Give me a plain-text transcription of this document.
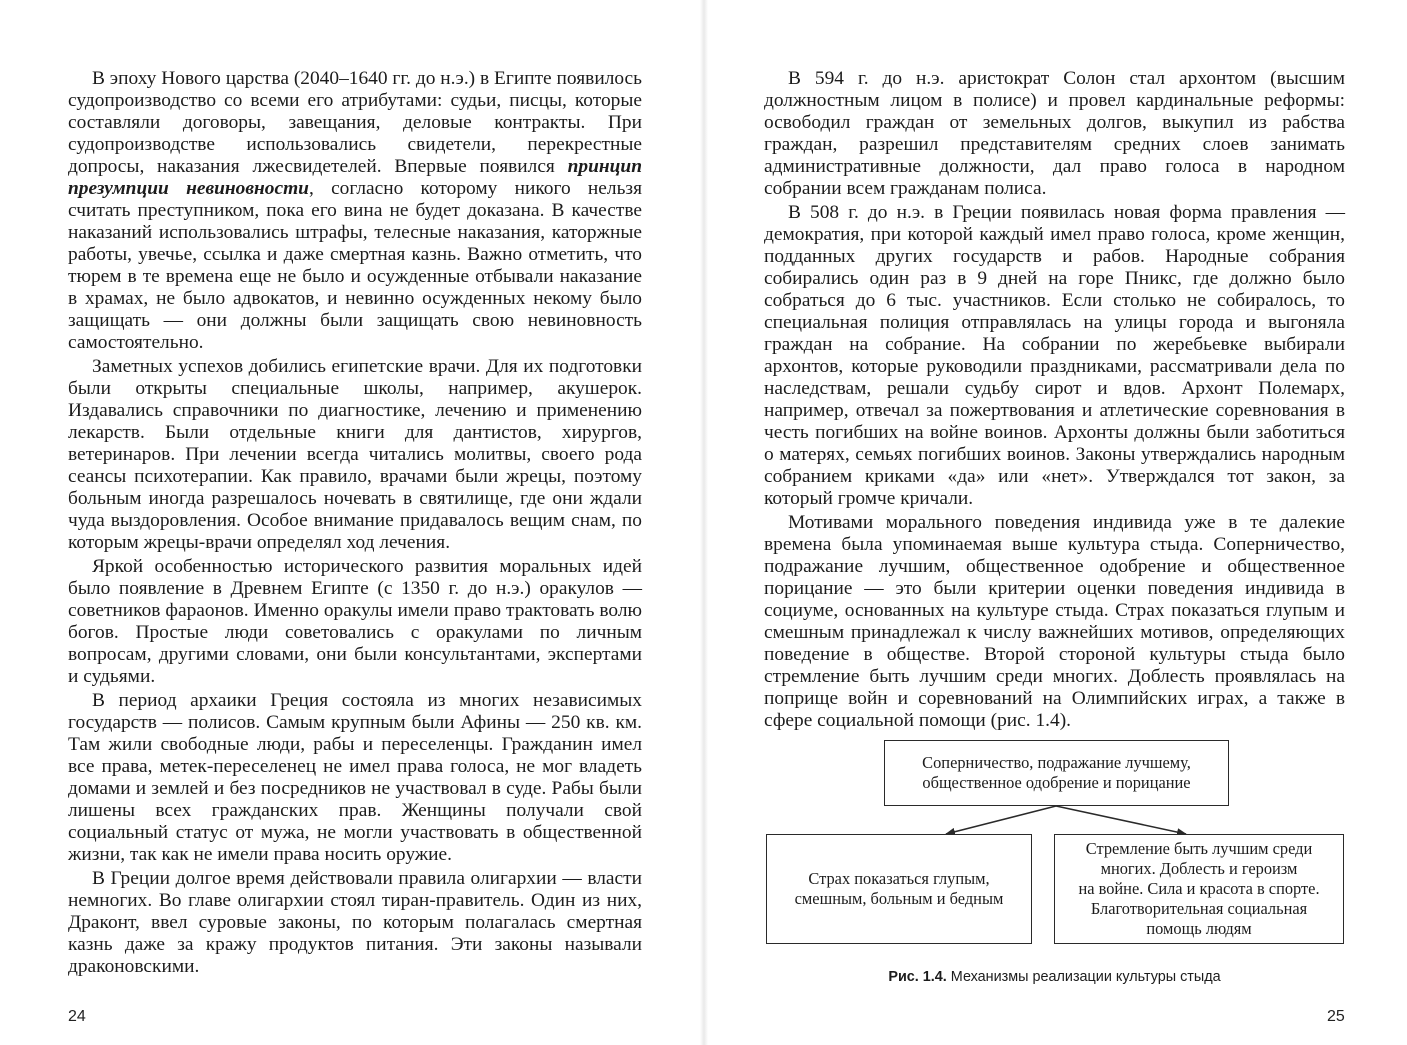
В эпоху Нового царства (2040–1640 гг. до н.э.) в Египте появилось судопроизводство со всеми его атрибутами: судьи, писцы, которые составляли договоры, завещания, деловые контракты. При судопроизводстве использовались свидетели, перекрестные допросы, наказания лжесвидетелей. Впервые появился принцип презумпции невиновности, согласно которому никого нельзя считать преступником, пока его вина не будет доказана. В качестве наказаний использовались штрафы, телесные наказания, каторжные работы, увечье, ссылка и даже смертная казнь. Важно отметить, что тюрем в те времена еще не было и осужденные отбывали наказание в храмах, не было адвокатов, и невинно осужденных некому было защищать — они должны были защищать свою невиновность самостоятельно.

Заметных успехов добились египетские врачи. Для их подготовки были открыты специальные школы, например, акушерок. Издавались справочники по диагностике, лечению и применению лекарств. Были отдельные книги для дантистов, хирургов, ветеринаров. При лечении всегда читались молитвы, своего рода сеансы психотерапии. Как правило, врачами были жрецы, поэтому больным иногда разрешалось ночевать в святилище, где они ждали чуда выздоровления. Особое внимание придавалось вещим снам, по которым жрецы-врачи определял ход лечения.

Яркой особенностью исторического развития моральных идей было появление в Древнем Египте (с 1350 г. до н.э.) оракулов — советников фараонов. Именно оракулы имели право трактовать волю богов. Простые люди советовались с оракулами по личным вопросам, другими словами, они были консультантами, экспертами и судьями.

В период архаики Греция состояла из многих независимых государств — полисов. Самым крупным были Афины — 250 кв. км. Там жили свободные люди, рабы и переселенцы. Гражданин имел все права, метек-переселенец не имел права голоса, не мог владеть домами и землей и без посредников не участвовал в суде. Рабы были лишены всех гражданских прав. Женщины получали свой социальный статус от мужа, не могли участвовать в общественной жизни, так как не имели права носить оружие.

В Греции долгое время действовали правила олигархии — власти немногих. Во главе олигархии стоял тиран-правитель. Один из них, Драконт, ввел суровые законы, по которым полагалась смертная казнь даже за кражу продуктов питания. Эти законы называли драконовскими.

24

В 594 г. до н.э. аристократ Солон стал архонтом (высшим должностным лицом в полисе) и провел кардинальные реформы: освободил граждан от земельных долгов, выкупил из рабства граждан, разрешил представителям средних слоев занимать административные должности, дал право голоса в народном собрании всем гражданам полиса.

В 508 г. до н.э. в Греции появилась новая форма правления — демократия, при которой каждый имел право голоса, кроме женщин, подданных других государств и рабов. Народные собрания собирались один раз в 9 дней на горе Пникс, где должно было собраться до 6 тыс. участников. Если столько не собиралось, то специальная полиция отправлялась на улицы города и выгоняла граждан на собрание. На собрании по жеребьевке выбирали архонтов, которые руководили праздниками, рассматривали дела по наследствам, решали судьбу сирот и вдов. Архонт Полемарх, например, отвечал за пожертвования и атлетические соревнования в честь погибших на войне воинов. Архонты должны были заботиться о матерях, семьях погибших воинов. Законы утверждались народным собранием криками «да» или «нет». Утверждался тот закон, за который громче кричали.

Мотивами морального поведения индивида уже в те далекие времена была упоминаемая выше культура стыда. Соперничество, подражание лучшим, общественное одобрение и общественное порицание — это были критерии оценки поведения индивида в социуме, основанных на культуре стыда. Страх показаться глупым и смешным принадлежал к числу важнейших мотивов, определяющих поведение в обществе. Второй стороной культуры стыда было стремление быть лучшим среди многих. Доблесть проявлялась на поприще войн и соревнований на Олимпийских играх, а также в сфере социальной помощи (рис. 1.4).

Соперничество, подражание лучшему,
общественное одобрение и порицание
Страх показаться глупым,
смешным, больным и бедным
Стремление быть лучшим среди
многих. Доблесть и героизм
на войне. Сила и красота в спорте.
Благотворительная социальная
помощь людям
Рис. 1.4. Механизмы реализации культуры стыда
25
